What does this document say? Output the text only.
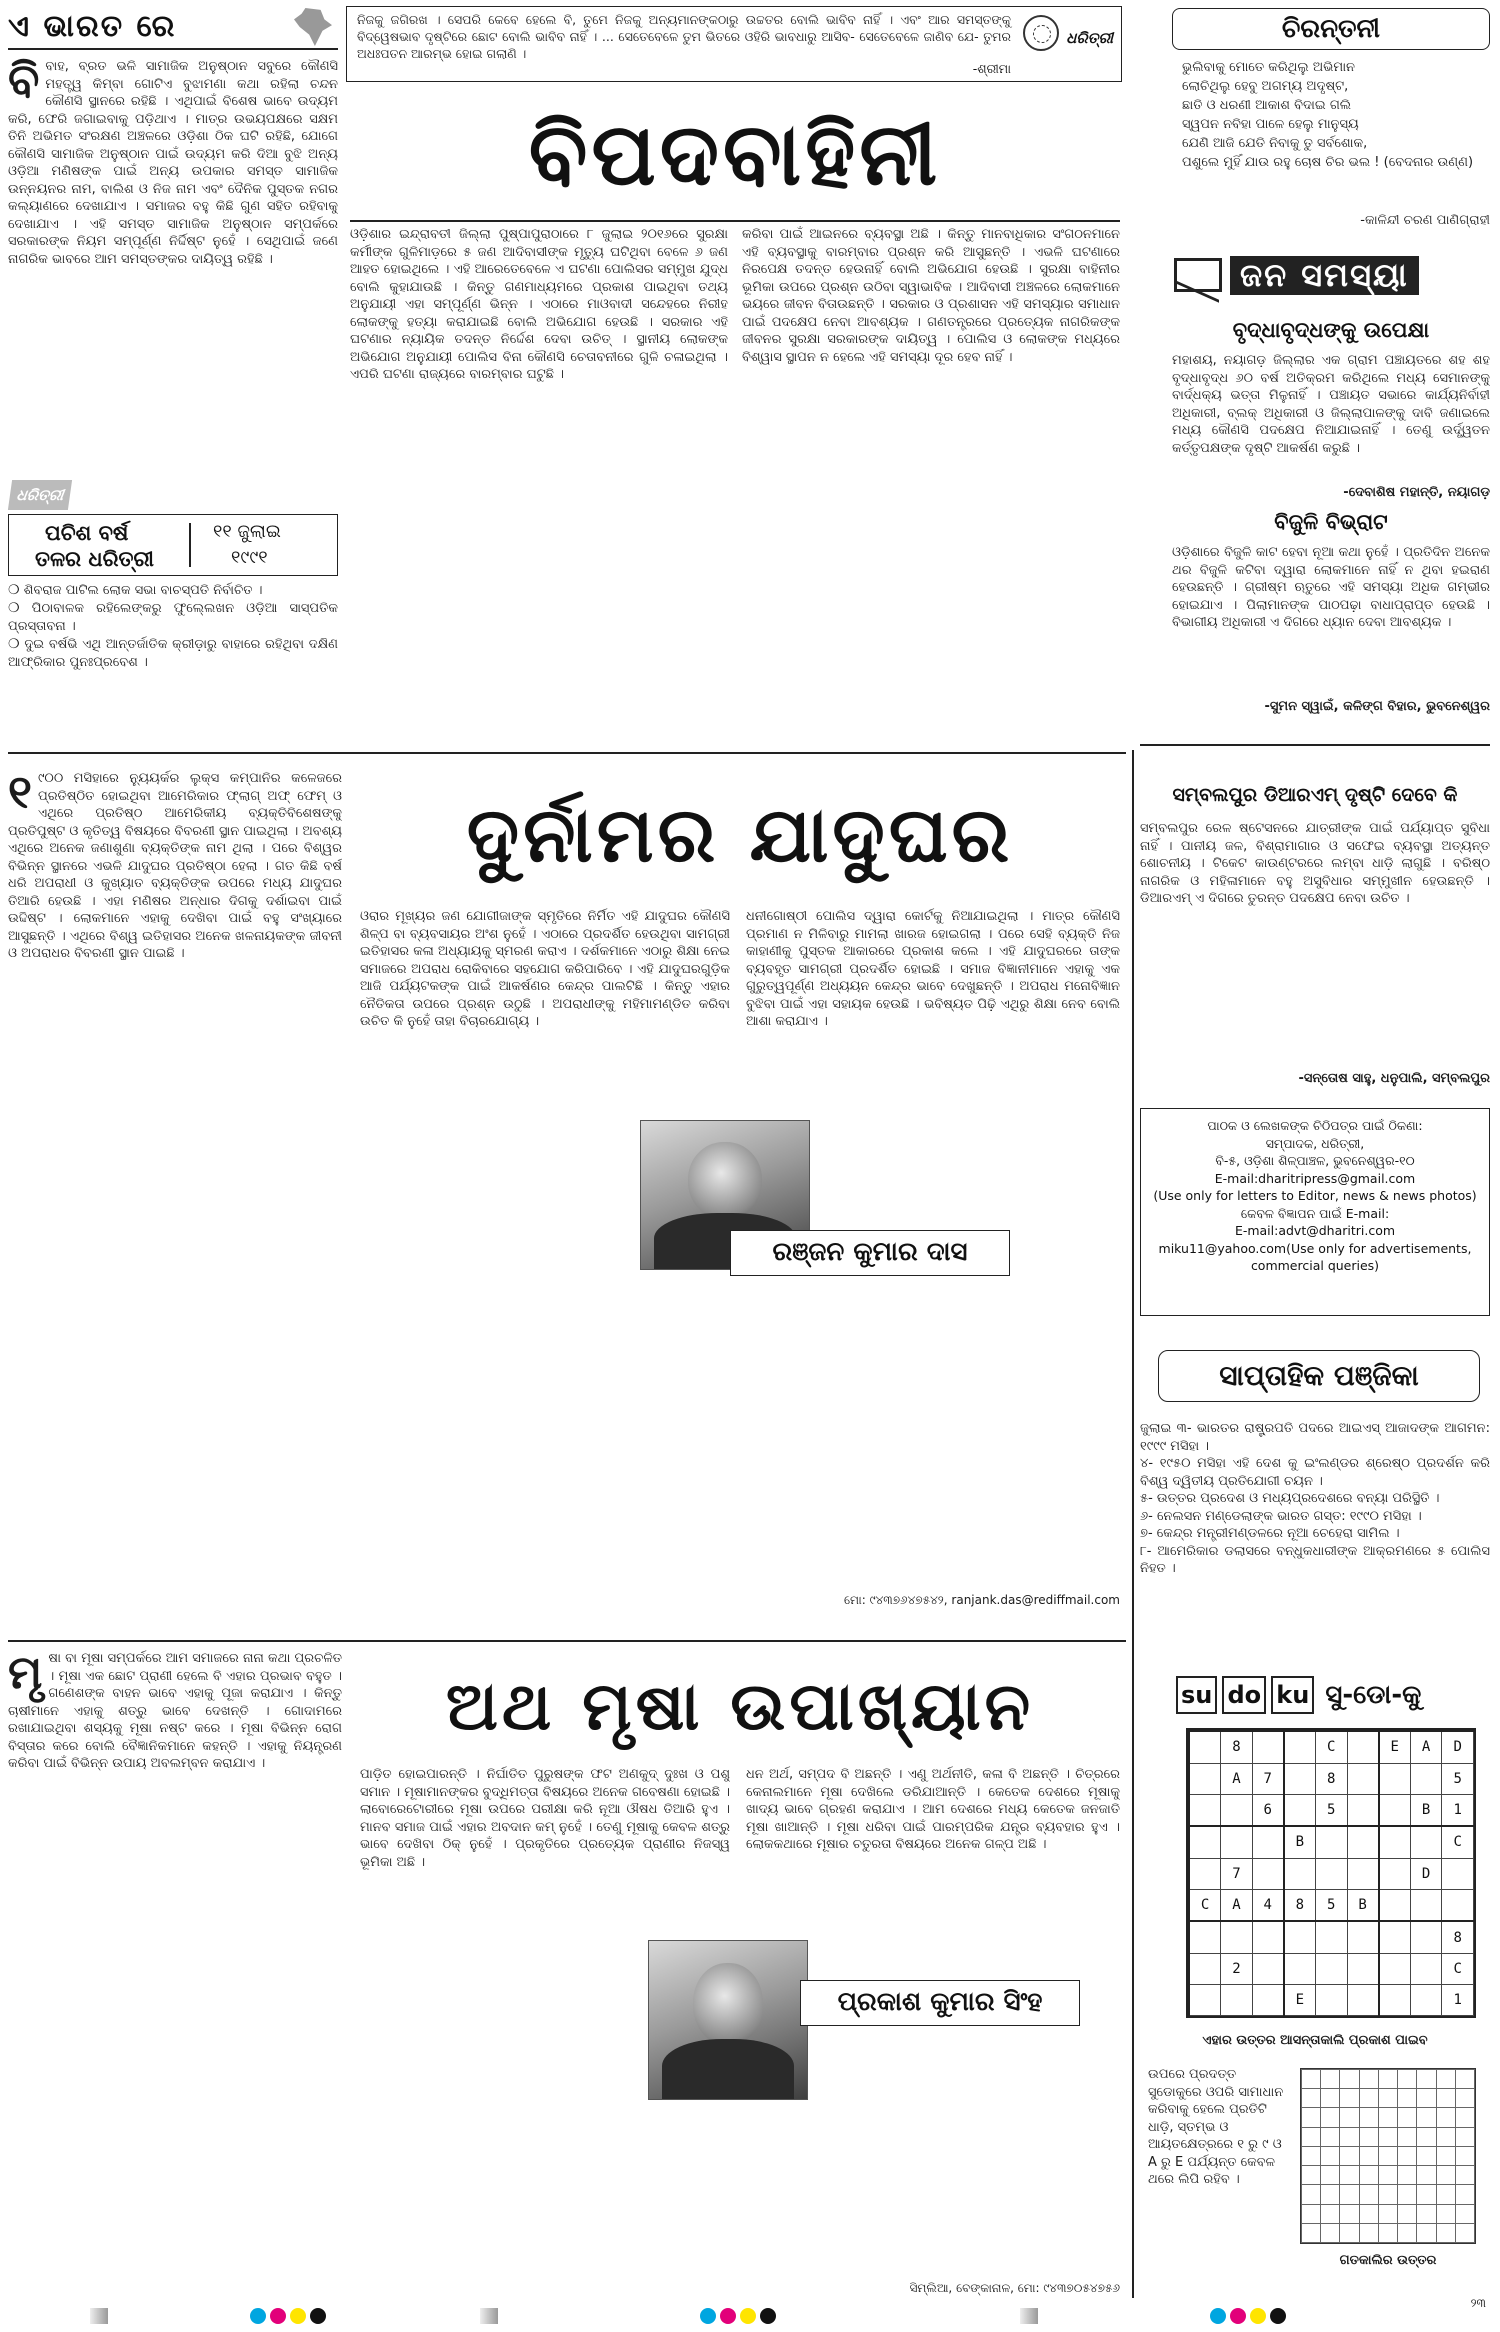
ଏ ଭାରତ ରେ	ନିଜକୁ ଜଗିରଖ । ସେପରି କେବେ ହେଲେ ବି, ତୁମେ ନିଜକୁ ଅନ୍ୟମାନଙ୍କଠାରୁ ଉଚ୍ଚତର ବୋଲି ଭାବିବ ନାହିଁ । ଏବଂ ଆର ସମସ୍ତଙ୍କୁ ବିଦ୍ୱେଷଭାବ ଦୃଷ୍ଟିରେ ଛୋଟ ବୋଲି ଭାବିବ ନାହିଁ । ... ସେତେବେଳେ ତୁମ ଭିତରେ ଓହିରି ଭାବଧାରୁ ଆସିବ- ସେତେବେଳେ ଜାଣିବ ଯେ- ତୁମର ଅଧଃପତନ ଆରମ୍ଭ ହୋଇ ଗଲାଣି ।
-ଶ୍ରୀମା
ଧରିତ୍ରୀ
ବି ବାହ, ବ୍ରତ ଭଳି ସାମାଜିକ ଅନୁଷ୍ଠାନ ସବୁରେ କୌଣସି ମହତ୍ତ୍ୱ କିମ୍ବା ଗୋଟିଏ ବୁଝାମଣା କଥା ରହିଲା ଚନ୍ଦନ କୌଣସି ସ୍ଥାନରେ ରହିଛି । ଏଥିପାଇଁ ବିଶେଷ ଭାବେ ଉଦ୍ୟମ କରି, ଫେରି ଜଗାଇବାକୁ ପଡ଼ିଥାଏ । ମାତ୍ର ଉଭୟପକ୍ଷରେ ସକ୍ଷମ ତିନି ଅଭିମତ ସଂରକ୍ଷଣ ଅଞ୍ଚଳରେ ଓଡ଼ିଶା ଠିକ ଘଟି ରହିଛି, ଯୋଗେ କୌଣସି ସାମାଜିକ ଅନୁଷ୍ଠାନ ପାଇଁ ଉଦ୍ୟମ କରି ଦିଆ ବୁଝି ଅନ୍ୟ ଓଡ଼ିଆ ମଣିଷଙ୍କ ପାଇଁ ଅନ୍ୟ ଉପକାର ସମସ୍ତ ସାମାଜିକ ଉନ୍ନୟନର ନାମ, ବାଲିଶ ଓ ନିଜ ନାମ ଏବଂ ଦୈନିକ ପୁସ୍ତକ ନଗର କଲ୍ୟାଣରେ ଦେଖାଯାଏ । ସମାଜର ବହୁ କିଛି ଗୁଣ ସହିତ ରହିବାକୁ ଦେଖାଯାଏ । ଏହି ସମସ୍ତ ସାମାଜିକ ଅନୁଷ୍ଠାନ ସମ୍ପର୍କରେ ସରକାରଙ୍କ ନିୟମ ସମ୍ପୂର୍ଣ୍ଣ ନିର୍ଦ୍ଦିଷ୍ଟ ନୁହେଁ । ସେଥିପାଇଁ ଜଣେ ନାଗରିକ ଭାବରେ ଆମ ସମସ୍ତଙ୍କର ଦାୟିତ୍ୱ ରହିଛି ।
ଧରିତ୍ରୀ
ପଚିଶ ବର୍ଷ
ତଳର ଧରିତ୍ରୀ
୧୧ ଜୁଲାଇ
୧୯୯୧
❍ ଶିବରାଜ ପାଟିଲ ଲୋକ ସଭା ବାଚସ୍ପତି ନିର୍ବାଚିତ ।
❍ ପିଠାବାଳକ ରହିଲେଙ୍କରୁ ଫୁଲ୍‍ଲେଖନ ଓଡ଼ିଆ ସାସ୍ପତିକ ପ୍ରସ୍ତାବନା ।
❍ ଦୁଇ ବର୍ଷଭି ଏଥି ଆନ୍ତର୍ଜାତିକ କ୍ରୀଡ଼ାରୁ ବାହାରେ ରହିଥିବା ଦକ୍ଷିଣ ଆଫ୍ରିକାର ପୁନଃପ୍ରବେଶ ।
ବିପଦବାହିନୀ
ଓଡ଼ିଶାର ଇନ୍ଦ୍ରାବତୀ ଜିଲ୍ଲା ପୁଷ୍ପାପୁରାଠାରେ ୮ ଜୁଲାଇ ୨୦୧୬ରେ ସୁରକ୍ଷା କର୍ମୀଙ୍କ ଗୁଳିମାଡ଼ରେ ୫ ଜଣ ଆଦିବାସୀଙ୍କ ମୃତ୍ୟୁ ଘଟିଥିବା ବେଳେ ୬ ଜଣ ଆହତ ହୋଇଥିଲେ । ଏହି ଆରେତେବେଳେ ଏ ଘଟଣା ପୋଲିସର ସମ୍ମୁଖ ଯୁଦ୍ଧ ବୋଲି କୁହାଯାଉଛି । କିନ୍ତୁ ଗଣମାଧ୍ୟମରେ ପ୍ରକାଶ ପାଇଥିବା ତଥ୍ୟ ଅନୁଯାୟୀ ଏହା ସମ୍ପୂର୍ଣ୍ଣ ଭିନ୍ନ । ଏଠାରେ ମାଓବାଦୀ ସନ୍ଦେହରେ ନିରୀହ ଲୋକଙ୍କୁ ହତ୍ୟା କରାଯାଇଛି ବୋଲି ଅଭିଯୋଗ ହେଉଛି । ସରକାର ଏହି ଘଟଣାର ନ୍ୟାୟିକ ତଦନ୍ତ ନିର୍ଦ୍ଦେଶ ଦେବା ଉଚିତ୍ । ସ୍ଥାନୀୟ ଲୋକଙ୍କ ଅଭିଯୋଗ ଅନୁଯାୟୀ ପୋଲିସ ବିନା କୌଣସି ଚେତାବନୀରେ ଗୁଳି ଚଳାଇଥିଲା । ଏପରି ଘଟଣା ରାଜ୍ୟରେ ବାରମ୍ବାର ଘଟୁଛି ।
କରିବା ପାଇଁ ଆଇନରେ ବ୍ୟବସ୍ଥା ଅଛି । କିନ୍ତୁ ମାନବାଧିକାର ସଂଗଠନମାନେ ଏହି ବ୍ୟବସ୍ଥାକୁ ବାରମ୍ବାର ପ୍ରଶ୍ନ କରି ଆସୁଛନ୍ତି । ଏଭଳି ଘଟଣାରେ ନିରପେକ୍ଷ ତଦନ୍ତ ହେଉନାହିଁ ବୋଲି ଅଭିଯୋଗ ହେଉଛି । ସୁରକ୍ଷା ବାହିନୀର ଭୂମିକା ଉପରେ ପ୍ରଶ୍ନ ଉଠିବା ସ୍ୱାଭାବିକ । ଆଦିବାସୀ ଅଞ୍ଚଳରେ ଲୋକମାନେ ଭୟରେ ଜୀବନ ବିତାଉଛନ୍ତି । ସରକାର ଓ ପ୍ରଶାସନ ଏହି ସମସ୍ୟାର ସମାଧାନ ପାଇଁ ପଦକ୍ଷେପ ନେବା ଆବଶ୍ୟକ । ଗଣତନ୍ତ୍ରରେ ପ୍ରତ୍ୟେକ ନାଗରିକଙ୍କ ଜୀବନର ସୁରକ୍ଷା ସରକାରଙ୍କ ଦାୟିତ୍ୱ । ପୋଲିସ ଓ ଲୋକଙ୍କ ମଧ୍ୟରେ ବିଶ୍ୱାସ ସ୍ଥାପନ ନ ହେଲେ ଏହି ସମସ୍ୟା ଦୂର ହେବ ନାହିଁ ।
ଚିରନ୍ତନୀ
ଭୁଲିବାକୁ ମୋତେ କରିଥିଲୁ ଅଭିମାନ
ଲୋଚିଥିଲୁ ହେବୁ ଅଗମ୍ୟ ଅଦୃଷ୍ଟ,
ଛାତି ଓ ଧରଣୀ ଆକାଶ ବିଦାଇ ଗଲି
ସ୍ୱପନ ନବିହା ପାଳେ ହେଲୁ ମାନୁସ୍ୟ
ଯେଣି ଆଜି ଯେତି ନିବାକୁ ତୁ ସର୍ବଶୋକ,
ପଶୁଲେ ମୁହିଁ ଯାଉ ରହୁ ଚୋଷ ଚିର ଭଲ ! (ବେଦନାର ଉଣ୍ଣ)
-କାଳିନ୍ଦୀ ଚରଣ ପାଣିଗ୍ରାହୀ
ଜନ ସମସ୍ୟା
ବୃଦ୍ଧାବୃଦ୍ଧଙ୍କୁ ଉପେକ୍ଷା
ମହାଶୟ, ନୟାଗଡ଼ ଜିଲ୍ଲାର ଏକ ଗ୍ରାମ ପଞ୍ଚାୟତରେ ଶହ ଶହ ବୃଦ୍ଧାବୃଦ୍ଧ ୬୦ ବର୍ଷ ଅତିକ୍ରମ କରିଥିଲେ ମଧ୍ୟ ସେମାନଙ୍କୁ ବାର୍ଦ୍ଧକ୍ୟ ଭତ୍ତା ମିଳୁନାହିଁ । ପଞ୍ଚାୟତ ସଭାରେ କାର୍ଯ୍ୟନିର୍ବାହୀ ଅଧିକାରୀ, ବ୍ଲକ୍ ଅଧିକାରୀ ଓ ଜିଲ୍ଲାପାଳଙ୍କୁ ଦାବି ଜଣାଇଲେ ମଧ୍ୟ କୌଣସି ପଦକ୍ଷେପ ନିଆଯାଇନାହିଁ । ତେଣୁ ଉର୍ଦ୍ଧ୍ୱତନ କର୍ତ୍ତୃପକ୍ଷଙ୍କ ଦୃଷ୍ଟି ଆକର୍ଷଣ କରୁଛି ।
-ଦେବାଶିଷ ମହାନ୍ତି, ନୟାଗଡ଼
ବିଜୁଳି ବିଭ୍ରାଟ
ଓଡ଼ିଶାରେ ବିଜୁଳି କାଟ ହେବା ନୂଆ କଥା ନୁହେଁ । ପ୍ରତିଦିନ ଅନେକ ଥର ବିଜୁଳି କଟିବା ଦ୍ୱାରା ଲୋକମାନେ ନାହିଁ ନ ଥିବା ହଇରାଣ ହେଉଛନ୍ତି । ଗ୍ରୀଷ୍ମ ଋତୁରେ ଏହି ସମସ୍ୟା ଅଧିକ ଗମ୍ଭୀର ହୋଇଯାଏ । ପିଲାମାନଙ୍କ ପାଠପଢ଼ା ବାଧାପ୍ରାପ୍ତ ହେଉଛି । ବିଭାଗୀୟ ଅଧିକାରୀ ଏ ଦିଗରେ ଧ୍ୟାନ ଦେବା ଆବଶ୍ୟକ ।
-ସୁମନ ସ୍ୱାଇଁ, କଳିଙ୍ଗ ବିହାର, ଭୁବନେଶ୍ୱର
ସମ୍ବଲପୁର ଡିଆରଏମ୍ ଦୃଷ୍ଟି ଦେବେ କି
ସମ୍ବଲପୁର ରେଳ ଷ୍ଟେସନରେ ଯାତ୍ରୀଙ୍କ ପାଇଁ ପର୍ଯ୍ୟାପ୍ତ ସୁବିଧା ନାହିଁ । ପାନୀୟ ଜଳ, ବିଶ୍ରାମାଗାର ଓ ସଫେଇ ବ୍ୟବସ୍ଥା ଅତ୍ୟନ୍ତ ଶୋଚନୀୟ । ଟିକେଟ କାଉଣ୍ଟରରେ ଲମ୍ବା ଧାଡ଼ି ଲାଗୁଛି । ବରିଷ୍ଠ ନାଗରିକ ଓ ମହିଳାମାନେ ବହୁ ଅସୁବିଧାର ସମ୍ମୁଖୀନ ହେଉଛନ୍ତି । ଡିଆରଏମ୍ ଏ ଦିଗରେ ତୁରନ୍ତ ପଦକ୍ଷେପ ନେବା ଉଚିତ ।
-ସନ୍ତୋଷ ସାହୁ, ଧନୁପାଲି, ସମ୍ବଲପୁର
ପାଠକ ଓ ଲେଖକଙ୍କ ଚିଠିପତ୍ର ପାଇଁ ଠିକଣା:
ସମ୍ପାଦକ, ଧରିତ୍ରୀ,
ବି-୫, ଓଡ଼ିଶା ଶିଳ୍ପାଞ୍ଚଳ, ଭୁବନେଶ୍ୱର-୧୦
E-mail:dharitripress@gmail.com
(Use only for letters to Editor, news & news photos)
କେବଳ ବିଜ୍ଞାପନ ପାଇଁ E-mail:
E-mail:advt@dharitri.com
miku11@yahoo.com(Use only for advertisements, commercial queries)
ସାପ୍ତାହିକ ପଞ୍ଜିକା
ଜୁଲାଇ ୩- ଭାରତର ରାଷ୍ଟ୍ରପତି ପଦରେ ଆଇଏସ୍ ଆଜାଦଙ୍କ ଆଗମନ: ୧୯୯୯ ମସିହା ।
୪- ୧୯୫୦ ମସିହା ଏହି ଦେଶ କୁ ଇଂଲଣ୍ଡର ଶ୍ରେଷ୍ଠ ପ୍ରଦର୍ଶନ କରି ବିଶ୍ୱ ଦ୍ୱିତୀୟ ପ୍ରତିଯୋଗୀ ଚୟନ ।
୫- ଉତ୍ତର ପ୍ରଦେଶ ଓ ମଧ୍ୟପ୍ରଦେଶରେ ବନ୍ୟା ପରିସ୍ଥିତି ।
୬- ନେଲସନ ମଣ୍ଡେଲାଙ୍କ ଭାରତ ଗସ୍ତ: ୧୯୯୦ ମସିହା ।
୭- କେନ୍ଦ୍ର ମନ୍ତ୍ରୀମଣ୍ଡଳରେ ନୂଆ ଚେହେରା ସାମିଲ ।
୮- ଆମେରିକାର ଡଲାସରେ ବନ୍ଧୁକଧାରୀଙ୍କ ଆକ୍ରମଣରେ ୫ ପୋଲିସ ନିହତ ।
su do ku ସୁ-ଡୋ-କୁ
	8			C		E	A	D
	A	7		8				5
		6		5			B	1
			B					C
	7						D	
C	A	4	8	5	B			
								8
	2							C
			E					1
ଏହାର ଉତ୍ତର ଆସନ୍ତାକାଲି ପ୍ରକାଶ ପାଇବ
ଉପରେ ପ୍ରଦତ୍ତ ସୁଡୋକୁରେ ଓପରି ସାମାଧାନ କରିବାକୁ ହେଲେ ପ୍ରତିଟି ଧାଡ଼ି, ସ୍ତମ୍ଭ ଓ ଆୟତକ୍ଷେତ୍ରରେ ୧ ରୁ ୯ ଓ A ରୁ E ପର୍ଯ୍ୟନ୍ତ କେବଳ ଥରେ ଲିପି ରହିବ ।

ଗତକାଲିର ଉତ୍ତର
୧ ୯୦୦ ମସିହାରେ ନ୍ୟୁୟର୍କର ଲୁକ୍‍ସ କମ୍ପାନିର କଳେଜରେ ପ୍ରତିଷ୍ଠିତ ହୋଇଥିବା ଆମେରିକାର ଫ୍ଲାଗ୍ ଅଫ୍ ଫେମ୍ ଓ ଏଥିରେ ପ୍ରତିଷ୍ଠ ଆମେରିକୀୟ ବ୍ୟକ୍ତିବିଶେଷଙ୍କୁ ପ୍ରତିପୁଷ୍ଟ ଓ କୃତିତ୍ୱ ବିଷୟରେ ବିବରଣୀ ସ୍ଥାନ ପାଇଥିଲା । ଅବଶ୍ୟ ଏଥିରେ ଅନେକ ଜଣାଶୁଣା ବ୍ୟକ୍ତିଙ୍କ ନାମ ଥିଲା । ପରେ ବିଶ୍ୱର ବିଭିନ୍ନ ସ୍ଥାନରେ ଏଭଳି ଯାଦୁଘର ପ୍ରତିଷ୍ଠା ହେଲା । ଗତ କିଛି ବର୍ଷ ଧରି ଅପରାଧୀ ଓ କୁଖ୍ୟାତ ବ୍ୟକ୍ତିଙ୍କ ଉପରେ ମଧ୍ୟ ଯାଦୁଘର ତିଆରି ହେଉଛି । ଏହା ମଣିଷର ଅନ୍ଧାର ଦିଗକୁ ଦର୍ଶାଇବା ପାଇଁ ଉଦ୍ଦିଷ୍ଟ । ଲୋକମାନେ ଏହାକୁ ଦେଖିବା ପାଇଁ ବହୁ ସଂଖ୍ୟାରେ ଆସୁଛନ୍ତି । ଏଥିରେ ବିଶ୍ୱ ଇତିହାସର ଅନେକ ଖଳନାୟକଙ୍କ ଜୀବନୀ ଓ ଅପରାଧର ବିବରଣୀ ସ୍ଥାନ ପାଇଛି ।
ଦୁର୍ନାମର ଯାଦୁଘର
ଓରାର ମୂଖ୍ୟର ଜଣ ଯୋଗୀଜାଙ୍କ ସ୍ମୃତିରେ ନିର୍ମିତ ଏହି ଯାଦୁଘର କୌଣସି ଶିଳ୍ପ ବା ବ୍ୟବସାୟର ଅଂଶ ନୁହେଁ । ଏଠାରେ ପ୍ରଦର୍ଶିତ ହେଉଥିବା ସାମଗ୍ରୀ ଇତିହାସର କଳା ଅଧ୍ୟାୟକୁ ସ୍ମରଣ କରାଏ । ଦର୍ଶକମାନେ ଏଠାରୁ ଶିକ୍ଷା ନେଇ ସମାଜରେ ଅପରାଧ ରୋକିବାରେ ସହଯୋଗ କରିପାରିବେ । ଏହି ଯାଦୁଘରଗୁଡ଼ିକ ଆଜି ପର୍ଯ୍ୟଟକଙ୍କ ପାଇଁ ଆକର୍ଷଣର କେନ୍ଦ୍ର ପାଲଟିଛି । କିନ୍ତୁ ଏହାର ନୈତିକତା ଉପରେ ପ୍ରଶ୍ନ ଉଠୁଛି । ଅପରାଧୀଙ୍କୁ ମହିମାମଣ୍ଡିତ କରିବା ଉଚିତ କି ନୁହେଁ ତାହା ବିଚାରଯୋଗ୍ୟ ।
ଧନୀଗୋଷ୍ଠୀ ପୋଲିସ ଦ୍ୱାରା କୋର୍ଟକୁ ନିଆଯାଇଥିଲା । ମାତ୍ର କୌଣସି ପ୍ରମାଣ ନ ମିଳିବାରୁ ମାମଲା ଖାରଜ ହୋଇଗଲା । ପରେ ସେହି ବ୍ୟକ୍ତି ନିଜ କାହାଣୀକୁ ପୁସ୍ତକ ଆକାରରେ ପ୍ରକାଶ କଲେ । ଏହି ଯାଦୁଘରରେ ତାଙ୍କ ବ୍ୟବହୃତ ସାମଗ୍ରୀ ପ୍ରଦର୍ଶିତ ହୋଇଛି । ସମାଜ ବିଜ୍ଞାନୀମାନେ ଏହାକୁ ଏକ ଗୁରୁତ୍ୱପୂର୍ଣ୍ଣ ଅଧ୍ୟୟନ କେନ୍ଦ୍ର ଭାବେ ଦେଖୁଛନ୍ତି । ଅପରାଧ ମନୋବିଜ୍ଞାନ ବୁଝିବା ପାଇଁ ଏହା ସହାୟକ ହେଉଛି । ଭବିଷ୍ୟତ ପିଢ଼ି ଏଥିରୁ ଶିକ୍ଷା ନେବ ବୋଲି ଆଶା କରାଯାଏ ।
ରଞ୍ଜନ କୁମାର ଦାସ
ମୋ: ୯୪୩୭୬୪୭୫୪୨, ranjank.das@rediffmail.com
ମୃ ଷା ବା ମୂଷା ସମ୍ପର୍କରେ ଆମ ସମାଜରେ ନାନା କଥା ପ୍ରଚଳିତ । ମୂଷା ଏକ ଛୋଟ ପ୍ରାଣୀ ହେଲେ ବି ଏହାର ପ୍ରଭାବ ବହୁତ । ଗଣେଶଙ୍କ ବାହନ ଭାବେ ଏହାକୁ ପୂଜା କରାଯାଏ । କିନ୍ତୁ ଚାଷୀମାନେ ଏହାକୁ ଶତ୍ରୁ ଭାବେ ଦେଖନ୍ତି । ଗୋଦାମରେ ରଖାଯାଇଥିବା ଶସ୍ୟକୁ ମୂଷା ନଷ୍ଟ କରେ । ମୂଷା ବିଭିନ୍ନ ରୋଗ ବିସ୍ତାର କରେ ବୋଲି ବୈଜ୍ଞାନିକମାନେ କହନ୍ତି । ଏହାକୁ ନିୟନ୍ତ୍ରଣ କରିବା ପାଇଁ ବିଭିନ୍ନ ଉପାୟ ଅବଲମ୍ବନ କରାଯାଏ ।
ଅଥ ମୃଷା ଉପାଖ୍ୟାନ
ପାଡ଼ିତ ହୋଇପାରନ୍ତି । ନିର୍ଘାତିତ ପୁରୁଷଙ୍କ ଫଟ ଅଣକୁଦ୍ ଦୁଃଖ ଓ ପଶୁ ସମାନ । ମୂଷାମାନଙ୍କର ବୁଦ୍ଧିମତ୍ତା ବିଷୟରେ ଅନେକ ଗବେଷଣା ହୋଇଛି । ଲାବୋରେଟୋରୀରେ ମୂଷା ଉପରେ ପରୀକ୍ଷା କରି ନୂଆ ଔଷଧ ତିଆରି ହୁଏ । ମାନବ ସମାଜ ପାଇଁ ଏହାର ଅବଦାନ କମ୍ ନୁହେଁ । ତେଣୁ ମୂଷାକୁ କେବଳ ଶତ୍ରୁ ଭାବେ ଦେଖିବା ଠିକ୍ ନୁହେଁ । ପ୍ରକୃତିରେ ପ୍ରତ୍ୟେକ ପ୍ରାଣୀର ନିଜସ୍ୱ ଭୂମିକା ଅଛି ।
ଧନ ଅର୍ଥ, ସମ୍ପଦ ବି ଅଛନ୍ତି । ଏଣୁ ଅର୍ଥନୀତି, କଳା ବି ଅଛନ୍ତି । ଚିତ୍ରରେ କେନାଲମାନେ ମୂଷା ଦେଖିଲେ ଡରିଯାଆନ୍ତି । କେତେକ ଦେଶରେ ମୂଷାକୁ ଖାଦ୍ୟ ଭାବେ ଗ୍ରହଣ କରାଯାଏ । ଆମ ଦେଶରେ ମଧ୍ୟ କେତେକ ଜନଜାତି ମୂଷା ଖାଆନ୍ତି । ମୂଷା ଧରିବା ପାଇଁ ପାରମ୍ପରିକ ଯନ୍ତ୍ର ବ୍ୟବହାର ହୁଏ । ଲୋକକଥାରେ ମୂଷାର ଚତୁରତା ବିଷୟରେ ଅନେକ ଗଳ୍ପ ଅଛି ।
ପ୍ରକାଶ କୁମାର ସିଂହ
ସିମ୍‍ଲିଆ, ବେଙ୍କାନାଳ, ମୋ: ୯୪୩୭୦୫୪୭୫୬
୨୩
